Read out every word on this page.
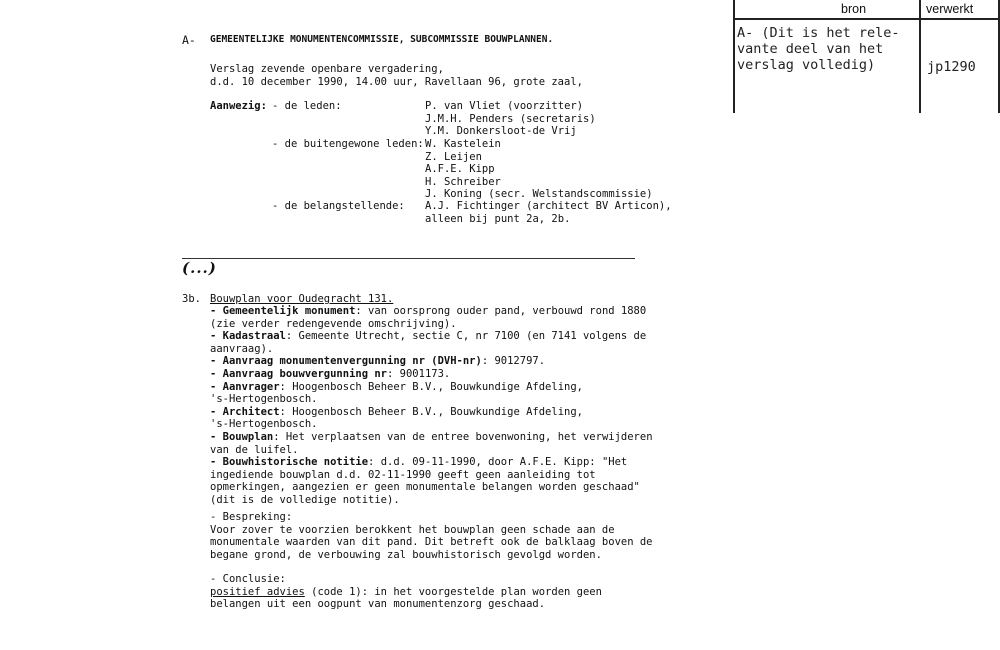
bron	verwerkt
A- (Dit is het rele-
vante deel van het
verslag volledig)	jp1290
A- GEMEENTELIJKE MONUMENTENCOMMISSIE, SUBCOMMISSIE BOUWPLANNEN.
Verslag zevende openbare vergadering,
d.d. 10 december 1990, 14.00 uur, Ravellaan 96, grote zaal,
Aanwezig: - de leden:	P. van Vliet (voorzitter)
J.M.H. Penders (secretaris)
Y.M. Donkersloot-de Vrij
- de buitengewone leden: W. Kastelein
Z. Leijen
A.F.E. Kipp
H. Schreiber
J. Koning (secr. Welstandscommissie)
- de belangstellende: A.J. Fichtinger (architect BV Articon),
alleen bij punt 2a, 2b.
(...)
3b. Bouwplan voor Oudegracht 131.
- Gemeentelijk monument: van oorsprong ouder pand, verbouwd rond 1880
(zie verder redengevende omschrijving).
- Kadastraal: Gemeente Utrecht, sectie C, nr 7100 (en 7141 volgens de
aanvraag).
- Aanvraag monumentenvergunning nr (DVH-nr): 9012797.
- Aanvraag bouwvergunning nr: 9001173.
- Aanvrager: Hoogenbosch Beheer B.V., Bouwkundige Afdeling,
's-Hertogenbosch.
- Architect: Hoogenbosch Beheer B.V., Bouwkundige Afdeling,
's-Hertogenbosch.
- Bouwplan: Het verplaatsen van de entree bovenwoning, het verwijderen
van de luifel.
- Bouwhistorische notitie: d.d. 09-11-1990, door A.F.E. Kipp: "Het
ingediende bouwplan d.d. 02-11-1990 geeft geen aanleiding tot
opmerkingen, aangezien er geen monumentale belangen worden geschaad"
(dit is de volledige notitie).
- Bespreking:
Voor zover te voorzien berokkent het bouwplan geen schade aan de
monumentale waarden van dit pand. Dit betreft ook de balklaag boven de
begane grond, de verbouwing zal bouwhistorisch gevolgd worden.
- Conclusie:
positief advies (code 1): in het voorgestelde plan worden geen
belangen uit een oogpunt van monumentenzorg geschaad.
